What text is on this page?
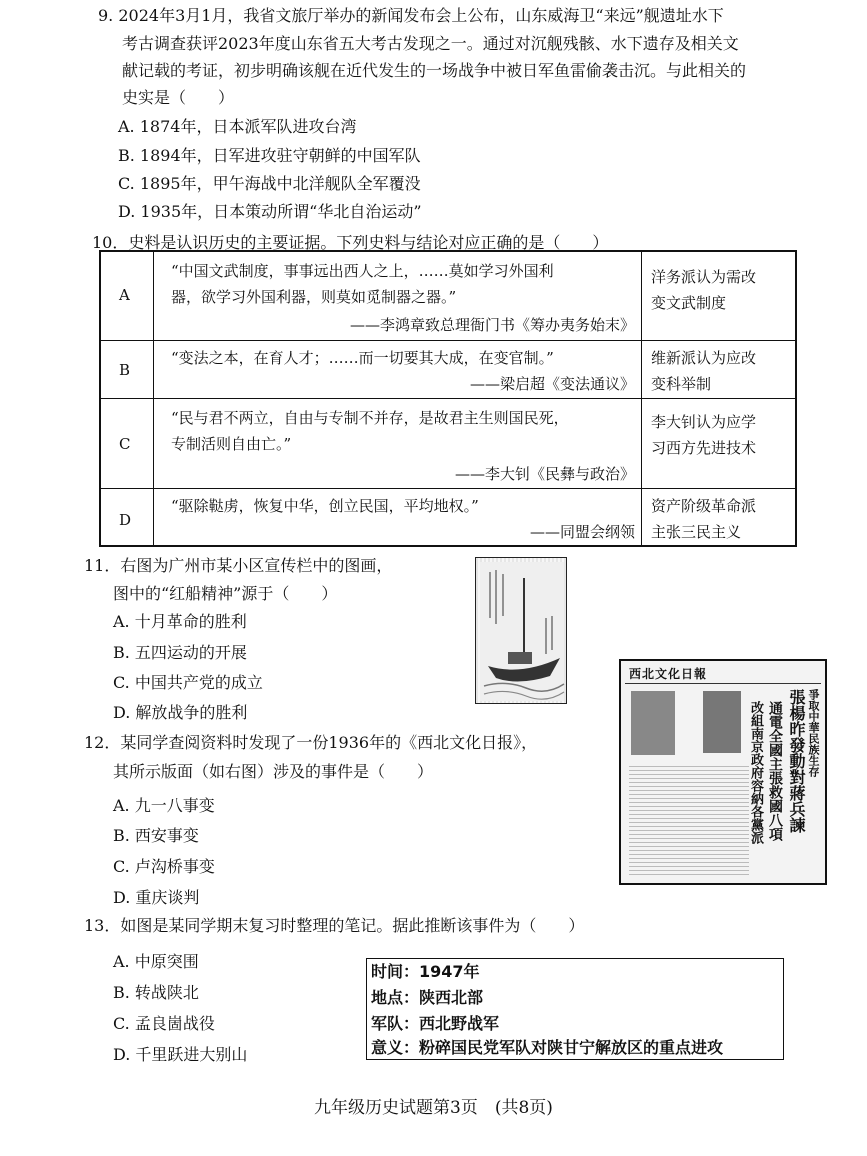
9. 2024年3月1月，我省文旅厅举办的新闻发布会上公布，山东威海卫“来远”舰遗址水下
考古调查获评2023年度山东省五大考古发现之一。通过对沉舰残骸、水下遗存及相关文
献记载的考证，初步明确该舰在近代发生的一场战争中被日军鱼雷偷袭击沉。与此相关的
史实是（　　）
A. 1874年，日本派军队进攻台湾
B. 1894年，日军进攻驻守朝鲜的中国军队
C. 1895年，甲午海战中北洋舰队全军覆没
D. 1935年，日本策动所谓“华北自治运动”
10．史料是认识历史的主要证据。下列史料与结论对应正确的是（　　）
A
“中国文武制度，事事远出西人之上，……莫如学习外国利
器，欲学习外国利器，则莫如觅制器之器。”
——李鸿章致总理衙门书《筹办夷务始末》
洋务派认为需改
变文武制度
B
“变法之本，在育人才；……而一切要其大成，在变官制。”
——梁启超《变法通议》
维新派认为应改
变科举制
C
“民与君不两立，自由与专制不并存，是故君主生则国民死，
专制活则自由亡。”
——李大钊《民彝与政治》
李大钊认为应学
习西方先进技术
D
“驱除鞑虏，恢复中华，创立民国，平均地权。”
——同盟会纲领
资产阶级革命派
主张三民主义
11．右图为广州市某小区宣传栏中的图画，
图中的“红船精神”源于（　　）
A. 十月革命的胜利
B. 五四运动的开展
C. 中国共产党的成立
D. 解放战争的胜利
12．某同学查阅资料时发现了一份1936年的《西北文化日报》，
其所示版面（如右图）涉及的事件是（　　）
A. 九一八事变
B. 西安事变
C. 卢沟桥事变
D. 重庆谈判
西北文化日報
爭取中華民族生存
張楊昨發動對蔣兵諫
通電全國主張救國八項
改組南京政府容納各黨派
13．如图是某同学期末复习时整理的笔记。据此推断该事件为（　　）
A. 中原突围
B. 转战陕北
C. 孟良崮战役
D. 千里跃进大别山
时间：1947年
地点：陕西北部
军队：西北野战军
意义：粉碎国民党军队对陕甘宁解放区的重点进攻
九年级历史试题第3页　(共8页)
